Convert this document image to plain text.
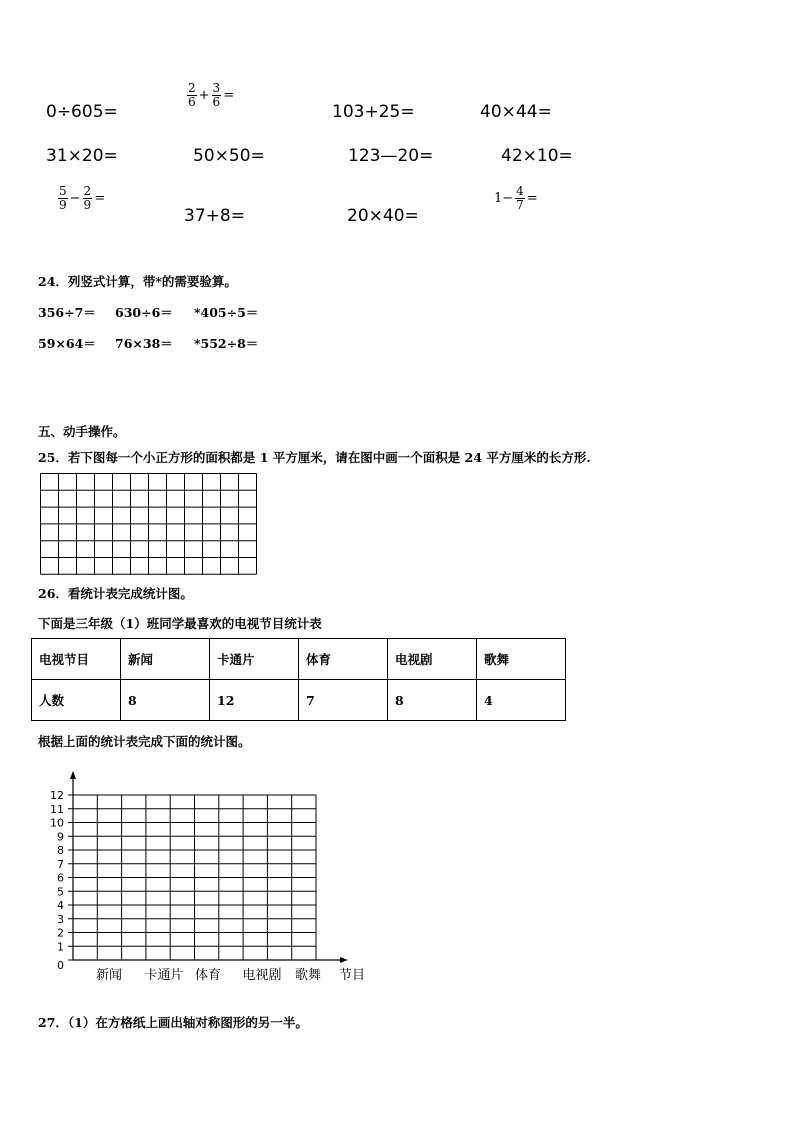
0÷605=
$\frac{2}{6} + \frac{3}{6}$ =
103+25=	40×44=
31×20=	50×50=	123—20=	42×10=
$\frac{5}{9} - \frac{2}{9}$ =
37+8=	20×40=
$1- \frac{4}{7}$ =
24．列竖式计算，带*的需要验算。
356÷7＝ 630÷6＝ *405÷5＝
59×64＝ 76×38＝ *552÷8＝
五、动手操作。
25．若下图每一个小正方形的面积都是 1 平方厘米，请在图中画一个面积是 24 平方厘米的长方形.
26．看统计表完成统计图。
下面是三年级（1）班同学最喜欢的电视节目统计表
电视节目	新闻	卡通片	体育	电视剧	歌舞
人数	8	12	7	8	4
根据上面的统计表完成下面的统计图。
0
1
2
3
4
5
6
7
8
9
10
11
12
新闻 卡通片 体育 电视剧 歌舞 节目
27．（1）在方格纸上画出轴对称图形的另一半。
